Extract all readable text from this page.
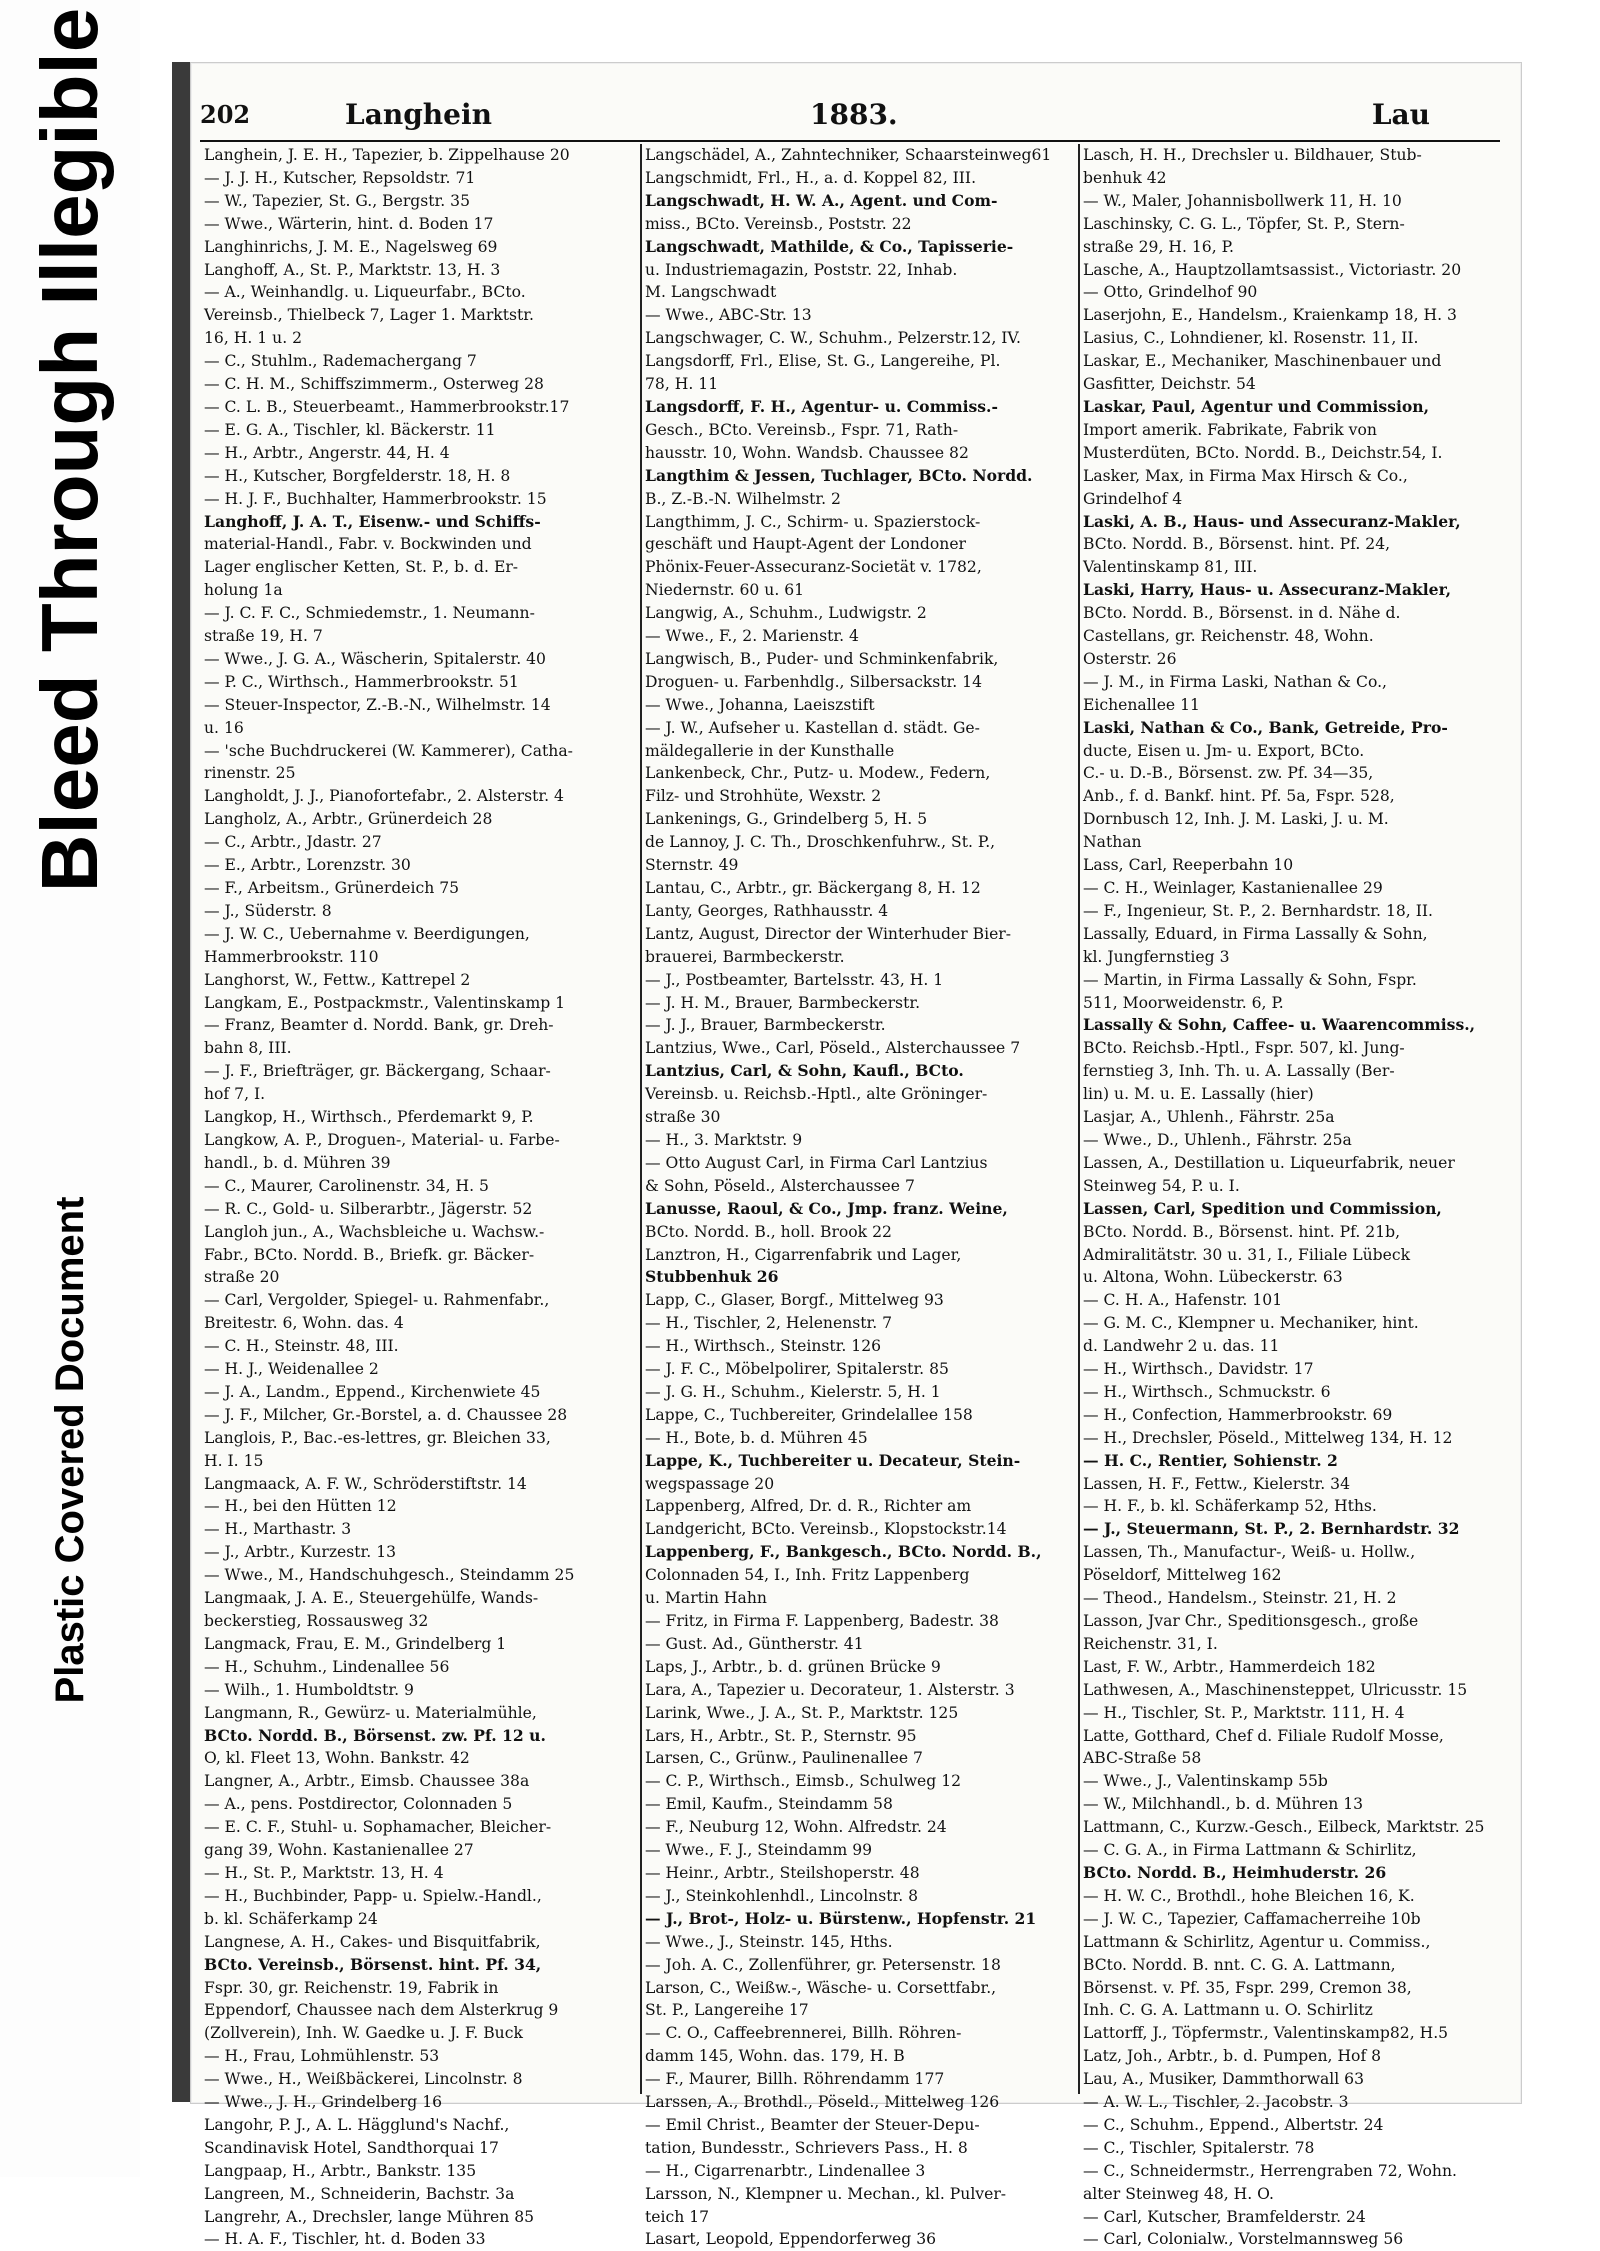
Bleed Through Illegible
Plastic Covered Document
202	Langhein	1883.	Lau
Langhein, J. E. H., Tapezier, b. Zippelhause 20
— J. J. H., Kutscher, Repsoldstr. 71
— W., Tapezier, St. G., Bergstr. 35
— Wwe., Wärterin, hint. d. Boden 17
Langhinrichs, J. M. E., Nagelsweg 69
Langhoff, A., St. P., Marktstr. 13, H. 3
— A., Weinhandlg. u. Liqueurfabr., BCto.
Vereinsb., Thielbeck 7, Lager 1. Marktstr.
16, H. 1 u. 2
— C., Stuhlm., Rademachergang 7
— C. H. M., Schiffszimmerm., Osterweg 28
— C. L. B., Steuerbeamt., Hammerbrookstr.17
— E. G. A., Tischler, kl. Bäckerstr. 11
— H., Arbtr., Angerstr. 44, H. 4
— H., Kutscher, Borgfelderstr. 18, H. 8
— H. J. F., Buchhalter, Hammerbrookstr. 15
Langhoff, J. A. T., Eisenw.- und Schiffs-
material-Handl., Fabr. v. Bockwinden und
Lager englischer Ketten, St. P., b. d. Er-
holung 1a
— J. C. F. C., Schmiedemstr., 1. Neumann-
straße 19, H. 7
— Wwe., J. G. A., Wäscherin, Spitalerstr. 40
— P. C., Wirthsch., Hammerbrookstr. 51
— Steuer-Inspector, Z.-B.-N., Wilhelmstr. 14
u. 16
— 'sche Buchdruckerei (W. Kammerer), Catha-
rinenstr. 25
Langholdt, J. J., Pianofortefabr., 2. Alsterstr. 4
Langholz, A., Arbtr., Grünerdeich 28
— C., Arbtr., Jdastr. 27
— E., Arbtr., Lorenzstr. 30
— F., Arbeitsm., Grünerdeich 75
— J., Süderstr. 8
— J. W. C., Uebernahme v. Beerdigungen,
Hammerbrookstr. 110
Langhorst, W., Fettw., Kattrepel 2
Langkam, E., Postpackmstr., Valentinskamp 1
— Franz, Beamter d. Nordd. Bank, gr. Dreh-
bahn 8, III.
— J. F., Briefträger, gr. Bäckergang, Schaar-
hof 7, I.
Langkop, H., Wirthsch., Pferdemarkt 9, P.
Langkow, A. P., Droguen-, Material- u. Farbe-
handl., b. d. Mühren 39
— C., Maurer, Carolinenstr. 34, H. 5
— R. C., Gold- u. Silberarbtr., Jägerstr. 52
Langloh jun., A., Wachsbleiche u. Wachsw.-
Fabr., BCto. Nordd. B., Briefk. gr. Bäcker-
straße 20
— Carl, Vergolder, Spiegel- u. Rahmenfabr.,
Breitestr. 6, Wohn. das. 4
— C. H., Steinstr. 48, III.
— H. J., Weidenallee 2
— J. A., Landm., Eppend., Kirchenwiete 45
— J. F., Milcher, Gr.-Borstel, a. d. Chaussee 28
Langlois, P., Bac.-es-lettres, gr. Bleichen 33,
H. I. 15
Langmaack, A. F. W., Schröderstiftstr. 14
— H., bei den Hütten 12
— H., Marthastr. 3
— J., Arbtr., Kurzestr. 13
— Wwe., M., Handschuhgesch., Steindamm 25
Langmaak, J. A. E., Steuergehülfe, Wands-
beckerstieg, Rossausweg 32
Langmack, Frau, E. M., Grindelberg 1
— H., Schuhm., Lindenallee 56
— Wilh., 1. Humboldtstr. 9
Langmann, R., Gewürz- u. Materialmühle,
BCto. Nordd. B., Börsenst. zw. Pf. 12 u.
O, kl. Fleet 13, Wohn. Bankstr. 42
Langner, A., Arbtr., Eimsb. Chaussee 38a
— A., pens. Postdirector, Colonnaden 5
— E. C. F., Stuhl- u. Sophamacher, Bleicher-
gang 39, Wohn. Kastanienallee 27
— H., St. P., Marktstr. 13, H. 4
— H., Buchbinder, Papp- u. Spielw.-Handl.,
b. kl. Schäferkamp 24
Langnese, A. H., Cakes- und Bisquitfabrik,
BCto. Vereinsb., Börsenst. hint. Pf. 34,
Fspr. 30, gr. Reichenstr. 19, Fabrik in
Eppendorf, Chaussee nach dem Alsterkrug 9
(Zollverein), Inh. W. Gaedke u. J. F. Buck
— H., Frau, Lohmühlenstr. 53
— Wwe., H., Weißbäckerei, Lincolnstr. 8
— Wwe., J. H., Grindelberg 16
Langohr, P. J., A. L. Hägglund's Nachf.,
Scandinavisk Hotel, Sandthorquai 17
Langpaap, H., Arbtr., Bankstr. 135
Langreen, M., Schneiderin, Bachstr. 3a
Langrehr, A., Drechsler, lange Mühren 85
— H. A. F., Tischler, ht. d. Boden 33
Langschädel, A., Zahntechniker, Schaarsteinweg61
Langschmidt, Frl., H., a. d. Koppel 82, III.
Langschwadt, H. W. A., Agent. und Com-
miss., BCto. Vereinsb., Poststr. 22
Langschwadt, Mathilde, & Co., Tapisserie-
u. Industriemagazin, Poststr. 22, Inhab.
M. Langschwadt
— Wwe., ABC-Str. 13
Langschwager, C. W., Schuhm., Pelzerstr.12, IV.
Langsdorff, Frl., Elise, St. G., Langereihe, Pl.
78, H. 11
Langsdorff, F. H., Agentur- u. Commiss.-
Gesch., BCto. Vereinsb., Fspr. 71, Rath-
hausstr. 10, Wohn. Wandsb. Chaussee 82
Langthim & Jessen, Tuchlager, BCto. Nordd.
B., Z.-B.-N. Wilhelmstr. 2
Langthimm, J. C., Schirm- u. Spazierstock-
geschäft und Haupt-Agent der Londoner
Phönix-Feuer-Assecuranz-Societät v. 1782,
Niedernstr. 60 u. 61
Langwig, A., Schuhm., Ludwigstr. 2
— Wwe., F., 2. Marienstr. 4
Langwisch, B., Puder- und Schminkenfabrik,
Droguen- u. Farbenhdlg., Silbersackstr. 14
— Wwe., Johanna, Laeiszstift
— J. W., Aufseher u. Kastellan d. städt. Ge-
mäldegallerie in der Kunsthalle
Lankenbeck, Chr., Putz- u. Modew., Federn,
Filz- und Strohhüte, Wexstr. 2
Lankenings, G., Grindelberg 5, H. 5
de Lannoy, J. C. Th., Droschkenfuhrw., St. P.,
Sternstr. 49
Lantau, C., Arbtr., gr. Bäckergang 8, H. 12
Lanty, Georges, Rathhausstr. 4
Lantz, August, Director der Winterhuder Bier-
brauerei, Barmbeckerstr.
— J., Postbeamter, Bartelsstr. 43, H. 1
— J. H. M., Brauer, Barmbeckerstr.
— J. J., Brauer, Barmbeckerstr.
Lantzius, Wwe., Carl, Pöseld., Alsterchaussee 7
Lantzius, Carl, & Sohn, Kaufl., BCto.
Vereinsb. u. Reichsb.-Hptl., alte Gröninger-
straße 30
— H., 3. Marktstr. 9
— Otto August Carl, in Firma Carl Lantzius
& Sohn, Pöseld., Alsterchaussee 7
Lanusse, Raoul, & Co., Jmp. franz. Weine,
BCto. Nordd. B., holl. Brook 22
Lanztron, H., Cigarrenfabrik und Lager,
Stubbenhuk 26
Lapp, C., Glaser, Borgf., Mittelweg 93
— H., Tischler, 2, Helenenstr. 7
— H., Wirthsch., Steinstr. 126
— J. F. C., Möbelpolirer, Spitalerstr. 85
— J. G. H., Schuhm., Kielerstr. 5, H. 1
Lappe, C., Tuchbereiter, Grindelallee 158
— H., Bote, b. d. Mühren 45
Lappe, K., Tuchbereiter u. Decateur, Stein-
wegspassage 20
Lappenberg, Alfred, Dr. d. R., Richter am
Landgericht, BCto. Vereinsb., Klopstockstr.14
Lappenberg, F., Bankgesch., BCto. Nordd. B.,
Colonnaden 54, I., Inh. Fritz Lappenberg
u. Martin Hahn
— Fritz, in Firma F. Lappenberg, Badestr. 38
— Gust. Ad., Güntherstr. 41
Laps, J., Arbtr., b. d. grünen Brücke 9
Lara, A., Tapezier u. Decorateur, 1. Alsterstr. 3
Larink, Wwe., J. A., St. P., Marktstr. 125
Lars, H., Arbtr., St. P., Sternstr. 95
Larsen, C., Grünw., Paulinenallee 7
— C. P., Wirthsch., Eimsb., Schulweg 12
— Emil, Kaufm., Steindamm 58
— F., Neuburg 12, Wohn. Alfredstr. 24
— Wwe., F. J., Steindamm 99
— Heinr., Arbtr., Steilshoperstr. 48
— J., Steinkohlenhdl., Lincolnstr. 8
— J., Brot-, Holz- u. Bürstenw., Hopfenstr. 21
— Wwe., J., Steinstr. 145, Hths.
— Joh. A. C., Zollenführer, gr. Petersenstr. 18
Larson, C., Weißw.-, Wäsche- u. Corsettfabr.,
St. P., Langereihe 17
— C. O., Caffeebrennerei, Billh. Röhren-
damm 145, Wohn. das. 179, H. B
— F., Maurer, Billh. Röhrendamm 177
Larssen, A., Brothdl., Pöseld., Mittelweg 126
— Emil Christ., Beamter der Steuer-Depu-
tation, Bundesstr., Schrievers Pass., H. 8
— H., Cigarrenarbtr., Lindenallee 3
Larsson, N., Klempner u. Mechan., kl. Pulver-
teich 17
Lasart, Leopold, Eppendorferweg 36
Lasch, H. H., Drechsler u. Bildhauer, Stub-
benhuk 42
— W., Maler, Johannisbollwerk 11, H. 10
Laschinsky, C. G. L., Töpfer, St. P., Stern-
straße 29, H. 16, P.
Lasche, A., Hauptzollamtsassist., Victoriastr. 20
— Otto, Grindelhof 90
Laserjohn, E., Handelsm., Kraienkamp 18, H. 3
Lasius, C., Lohndiener, kl. Rosenstr. 11, II.
Laskar, E., Mechaniker, Maschinenbauer und
Gasfitter, Deichstr. 54
Laskar, Paul, Agentur und Commission,
Import amerik. Fabrikate, Fabrik von
Musterdüten, BCto. Nordd. B., Deichstr.54, I.
Lasker, Max, in Firma Max Hirsch & Co.,
Grindelhof 4
Laski, A. B., Haus- und Assecuranz-Makler,
BCto. Nordd. B., Börsenst. hint. Pf. 24,
Valentinskamp 81, III.
Laski, Harry, Haus- u. Assecuranz-Makler,
BCto. Nordd. B., Börsenst. in d. Nähe d.
Castellans, gr. Reichenstr. 48, Wohn.
Osterstr. 26
— J. M., in Firma Laski, Nathan & Co.,
Eichenallee 11
Laski, Nathan & Co., Bank, Getreide, Pro-
ducte, Eisen u. Jm- u. Export, BCto.
C.- u. D.-B., Börsenst. zw. Pf. 34—35,
Anb., f. d. Bankf. hint. Pf. 5a, Fspr. 528,
Dornbusch 12, Inh. J. M. Laski, J. u. M.
Nathan
Lass, Carl, Reeperbahn 10
— C. H., Weinlager, Kastanienallee 29
— F., Ingenieur, St. P., 2. Bernhardstr. 18, II.
Lassally, Eduard, in Firma Lassally & Sohn,
kl. Jungfernstieg 3
— Martin, in Firma Lassally & Sohn, Fspr.
511, Moorweidenstr. 6, P.
Lassally & Sohn, Caffee- u. Waarencommiss.,
BCto. Reichsb.-Hptl., Fspr. 507, kl. Jung-
fernstieg 3, Inh. Th. u. A. Lassally (Ber-
lin) u. M. u. E. Lassally (hier)
Lasjar, A., Uhlenh., Fährstr. 25a
— Wwe., D., Uhlenh., Fährstr. 25a
Lassen, A., Destillation u. Liqueurfabrik, neuer
Steinweg 54, P. u. I.
Lassen, Carl, Spedition und Commission,
BCto. Nordd. B., Börsenst. hint. Pf. 21b,
Admiralitätstr. 30 u. 31, I., Filiale Lübeck
u. Altona, Wohn. Lübeckerstr. 63
— C. H. A., Hafenstr. 101
— G. M. C., Klempner u. Mechaniker, hint.
d. Landwehr 2 u. das. 11
— H., Wirthsch., Davidstr. 17
— H., Wirthsch., Schmuckstr. 6
— H., Confection, Hammerbrookstr. 69
— H., Drechsler, Pöseld., Mittelweg 134, H. 12
— H. C., Rentier, Sohienstr. 2
Lassen, H. F., Fettw., Kielerstr. 34
— H. F., b. kl. Schäferkamp 52, Hths.
— J., Steuermann, St. P., 2. Bernhardstr. 32
Lassen, Th., Manufactur-, Weiß- u. Hollw.,
Pöseldorf, Mittelweg 162
— Theod., Handelsm., Steinstr. 21, H. 2
Lasson, Jvar Chr., Speditionsgesch., große
Reichenstr. 31, I.
Last, F. W., Arbtr., Hammerdeich 182
Lathwesen, A., Maschinensteppet, Ulricusstr. 15
— H., Tischler, St. P., Marktstr. 111, H. 4
Latte, Gotthard, Chef d. Filiale Rudolf Mosse,
ABC-Straße 58
— Wwe., J., Valentinskamp 55b
— W., Milchhandl., b. d. Mühren 13
Lattmann, C., Kurzw.-Gesch., Eilbeck, Marktstr. 25
— C. G. A., in Firma Lattmann & Schirlitz,
BCto. Nordd. B., Heimhuderstr. 26
— H. W. C., Brothdl., hohe Bleichen 16, K.
— J. W. C., Tapezier, Caffamacherreihe 10b
Lattmann & Schirlitz, Agentur u. Commiss.,
BCto. Nordd. B. nnt. C. G. A. Lattmann,
Börsenst. v. Pf. 35, Fspr. 299, Cremon 38,
Inh. C. G. A. Lattmann u. O. Schirlitz
Lattorff, J., Töpfermstr., Valentinskamp82, H.5
Latz, Joh., Arbtr., b. d. Pumpen, Hof 8
Lau, A., Musiker, Dammthorwall 63
— A. W. L., Tischler, 2. Jacobstr. 3
— C., Schuhm., Eppend., Albertstr. 24
— C., Tischler, Spitalerstr. 78
— C., Schneidermstr., Herrengraben 72, Wohn.
alter Steinweg 48, H. O.
— Carl, Kutscher, Bramfelderstr. 24
— Carl, Colonialw., Vorstelmannsweg 56
